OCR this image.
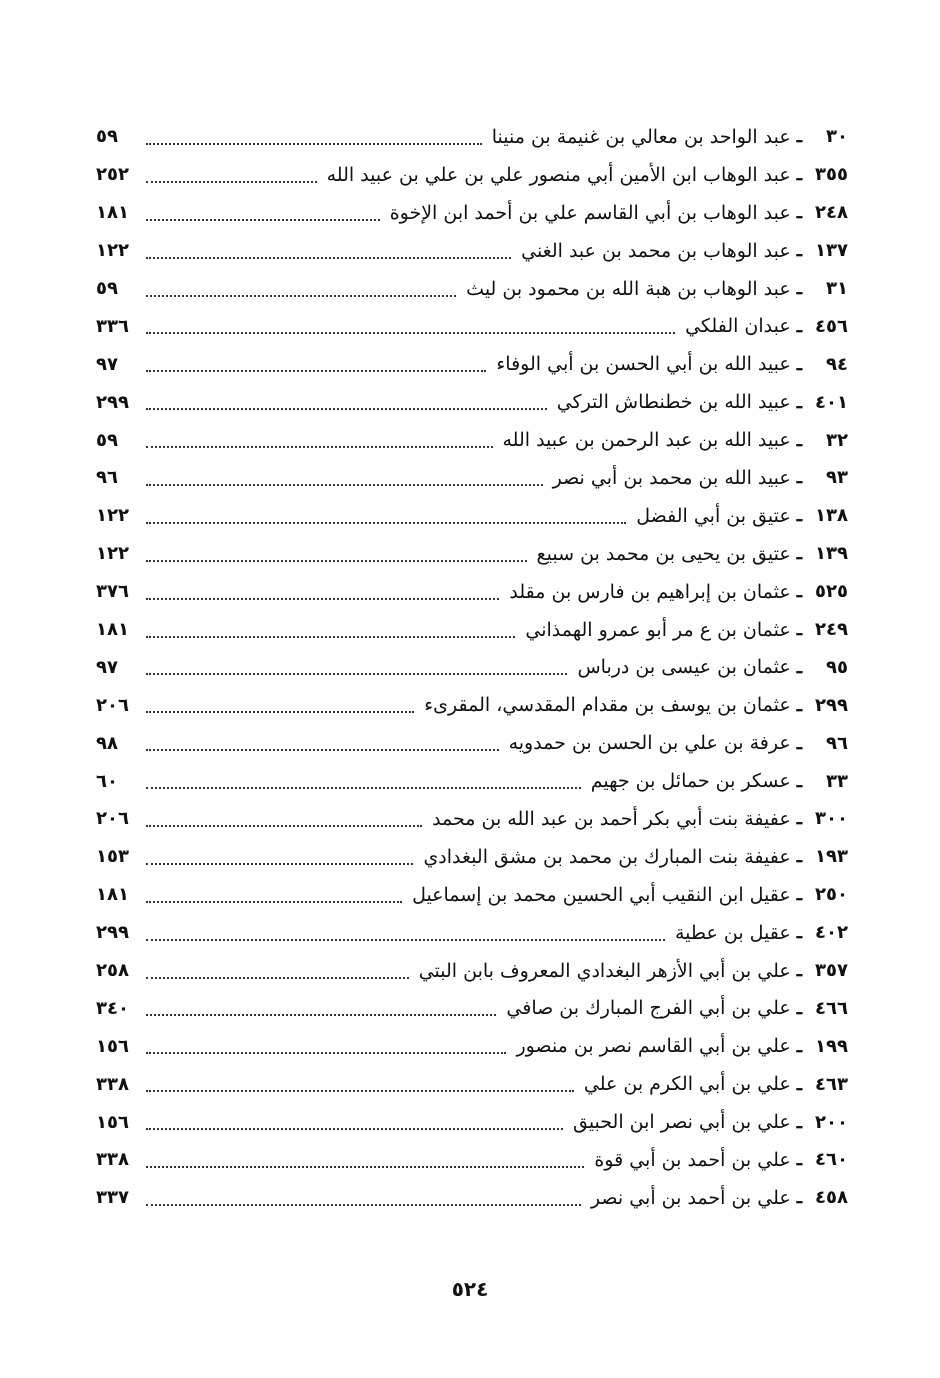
٣٠
ـ
عبد الواحد بن معالي بن غنيمة بن منينا
٥٩
٣٥٥
ـ
عبد الوهاب ابن الأمين أبي منصور علي بن علي بن عبيد الله
٢٥٢
٢٤٨
ـ
عبد الوهاب بن أبي القاسم علي بن أحمد ابن الإخوة
١٨١
١٣٧
ـ
عبد الوهاب بن محمد بن عبد الغني
١٢٢
٣١
ـ
عبد الوهاب بن هبة الله بن محمود بن ليث
٥٩
٤٥٦
ـ
عبدان الفلكي
٣٣٦
٩٤
ـ
عبيد الله بن أبي الحسن بن أبي الوفاء
٩٧
٤٠١
ـ
عبيد الله بن خطنطاش التركي
٢٩٩
٣٢
ـ
عبيد الله بن عبد الرحمن بن عبيد الله
٥٩
٩٣
ـ
عبيد الله بن محمد بن أبي نصر
٩٦
١٣٨
ـ
عتيق بن أبي الفضل
١٢٢
١٣٩
ـ
عتيق بن يحيى بن محمد بن سبيع
١٢٢
٥٢٥
ـ
عثمان بن إبراهيم بن فارس بن مقلد
٣٧٦
٢٤٩
ـ
عثمان بن ع مر أبو عمرو الهمذاني
١٨١
٩٥
ـ
عثمان بن عيسى بن درباس
٩٧
٢٩٩
ـ
عثمان بن يوسف بن مقدام المقدسي، المقرىء
٢٠٦
٩٦
ـ
عرفة بن علي بن الحسن بن حمدويه
٩٨
٣٣
ـ
عسكر بن حمائل بن جهيم
٦٠
٣٠٠
ـ
عفيفة بنت أبي بكر أحمد بن عبد الله بن محمد
٢٠٦
١٩٣
ـ
عفيفة بنت المبارك بن محمد بن مشق البغدادي
١٥٣
٢٥٠
ـ
عقيل ابن النقيب أبي الحسين محمد بن إسماعيل
١٨١
٤٠٢
ـ
عقيل بن عطية
٢٩٩
٣٥٧
ـ
علي بن أبي الأزهر البغدادي المعروف بابن البتي
٢٥٨
٤٦٦
ـ
علي بن أبي الفرج المبارك بن صافي
٣٤٠
١٩٩
ـ
علي بن أبي القاسم نصر بن منصور
١٥٦
٤٦٣
ـ
علي بن أبي الكرم بن علي
٣٣٨
٢٠٠
ـ
علي بن أبي نصر ابن الحبيق
١٥٦
٤٦٠
ـ
علي بن أحمد بن أبي قوة
٣٣٨
٤٥٨
ـ
علي بن أحمد بن أبي نصر
٣٣٧
٥٢٤
